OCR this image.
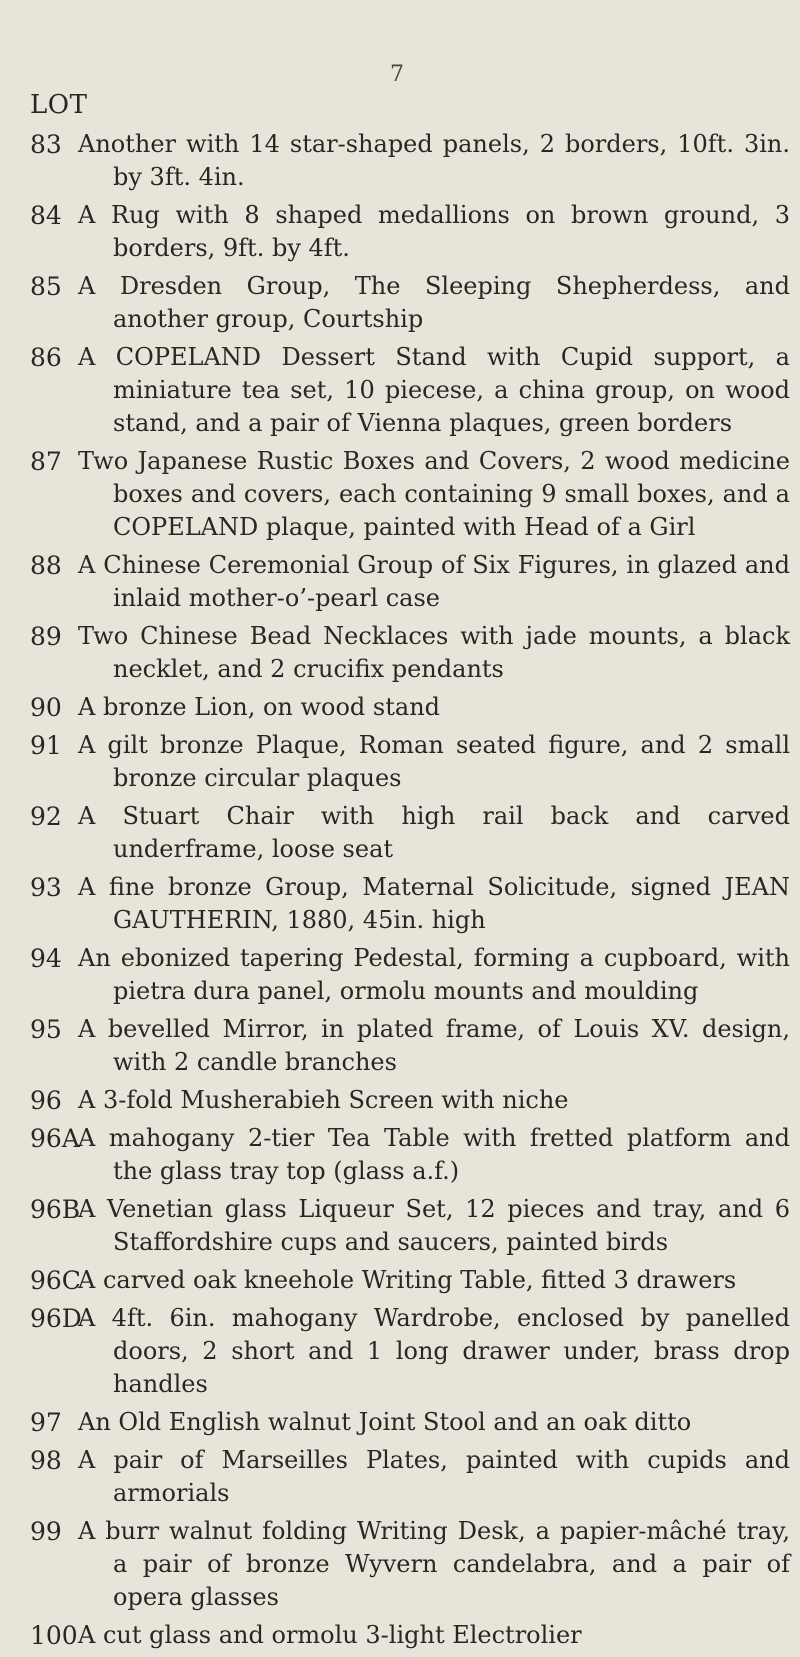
7
LOT
83 Another with 14 star-shaped panels, 2 borders, 10ft. 3in. by 3ft. 4in.
84 A Rug with 8 shaped medallions on brown ground, 3 borders, 9ft. by 4ft.
85 A Dresden Group, The Sleeping Shepherdess, and another group, Courtship
86 A COPELAND Dessert Stand with Cupid support, a miniature tea set, 10 piecese, a china group, on wood stand, and a pair of Vienna plaques, green borders
87 Two Japanese Rustic Boxes and Covers, 2 wood medicine boxes and covers, each containing 9 small boxes, and a COPELAND plaque, painted with Head of a Girl
88 A Chinese Ceremonial Group of Six Figures, in glazed and inlaid mother-o’-pearl case
89 Two Chinese Bead Necklaces with jade mounts, a black necklet, and 2 crucifix pendants
90 A bronze Lion, on wood stand
91 A gilt bronze Plaque, Roman seated figure, and 2 small bronze circular plaques
92 A Stuart Chair with high rail back and carved underframe, loose seat
93 A fine bronze Group, Maternal Solicitude, signed JEAN GAUTHERIN, 1880, 45in. high
94 An ebonized tapering Pedestal, forming a cupboard, with pietra dura panel, ormolu mounts and moulding
95 A bevelled Mirror, in plated frame, of Louis XV. design, with 2 candle branches
96 A 3-fold Musherabieh Screen with niche
96A
A mahogany 2-tier Tea Table with fretted platform and the glass tray top (glass a.f.)
96B
A Venetian glass Liqueur Set, 12 pieces and tray, and 6 Staffordshire cups and saucers, painted birds
96C
A carved oak kneehole Writing Table, fitted 3 drawers
96D
A 4ft. 6in. mahogany Wardrobe, enclosed by panelled doors, 2 short and 1 long drawer under, brass drop handles
97 An Old English walnut Joint Stool and an oak ditto
98 A pair of Marseilles Plates, painted with cupids and armorials
99 A burr walnut folding Writing Desk, a papier-mâché tray, a pair of bronze Wyvern candelabra, and a pair of opera glasses
100 A cut glass and ormolu 3-light Electrolier
